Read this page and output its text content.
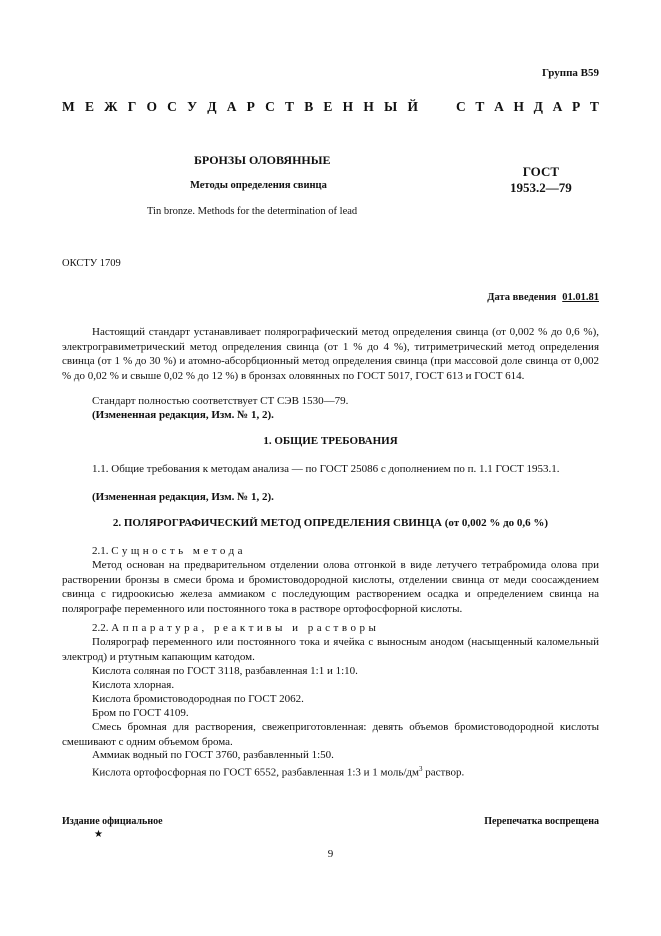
Группа В59
М Е Ж Г О С У Д А Р С Т В Е Н Н Ы Й	С Т А Н Д А Р Т
БРОНЗЫ ОЛОВЯННЫЕ
Методы определения свинца
ГОСТ
1953.2—79
Tin bronze. Methods for the determination of lead
ОКСТУ 1709
Дата введения 01.01.81
Настоящий стандарт устанавливает полярографический метод определения свинца (от 0,002 % до 0,6 %), электрогравиметрический метод определения свинца (от 1 % до 4 %), титриметрический метод определения свинца (от 1 % до 30 %) и атомно-абсорбционный метод определения свинца (при массовой доле свинца от 0,002 % до 0,02 % и свыше 0,02 % до 12 %) в бронзах оловянных по ГОСТ 5017, ГОСТ 613 и ГОСТ 614.
Стандарт полностью соответствует СТ СЭВ 1530—79.
(Измененная редакция, Изм. № 1, 2).
1. ОБЩИЕ ТРЕБОВАНИЯ
1.1. Общие требования к методам анализа — по ГОСТ 25086 с дополнением по п. 1.1 ГОСТ 1953.1.
(Измененная редакция, Изм. № 1, 2).
2. ПОЛЯРОГРАФИЧЕСКИЙ МЕТОД ОПРЕДЕЛЕНИЯ СВИНЦА (от 0,002 % до 0,6 %)
2.1. Сущность метода
Метод основан на предварительном отделении олова отгонкой в виде летучего тетрабромида олова при растворении бронзы в смеси брома и бромистоводородной кислоты, отделении свинца от меди соосаждением свинца с гидроокисью железа аммиаком с последующим растворением осадка и определением свинца на полярографе переменного или постоянного тока в растворе ортофосфорной кислоты.
2.2. Аппаратура, реактивы и растворы
Полярограф переменного или постоянного тока и ячейка с выносным анодом (насыщенный каломельный электрод) и ртутным капающим катодом.
Кислота соляная по ГОСТ 3118, разбавленная 1:1 и 1:10.
Кислота хлорная.
Кислота бромистоводородная по ГОСТ 2062.
Бром по ГОСТ 4109.
Смесь бромная для растворения, свежеприготовленная: девять объемов бромистоводородной кислоты смешивают с одним объемом брома.
Аммиак водный по ГОСТ 3760, разбавленный 1:50.
Кислота ортофосфорная по ГОСТ 6552, разбавленная 1:3 и 1 моль/$дм^3$ раствор.
Издание официальное
★
Перепечатка воспрещена
9
